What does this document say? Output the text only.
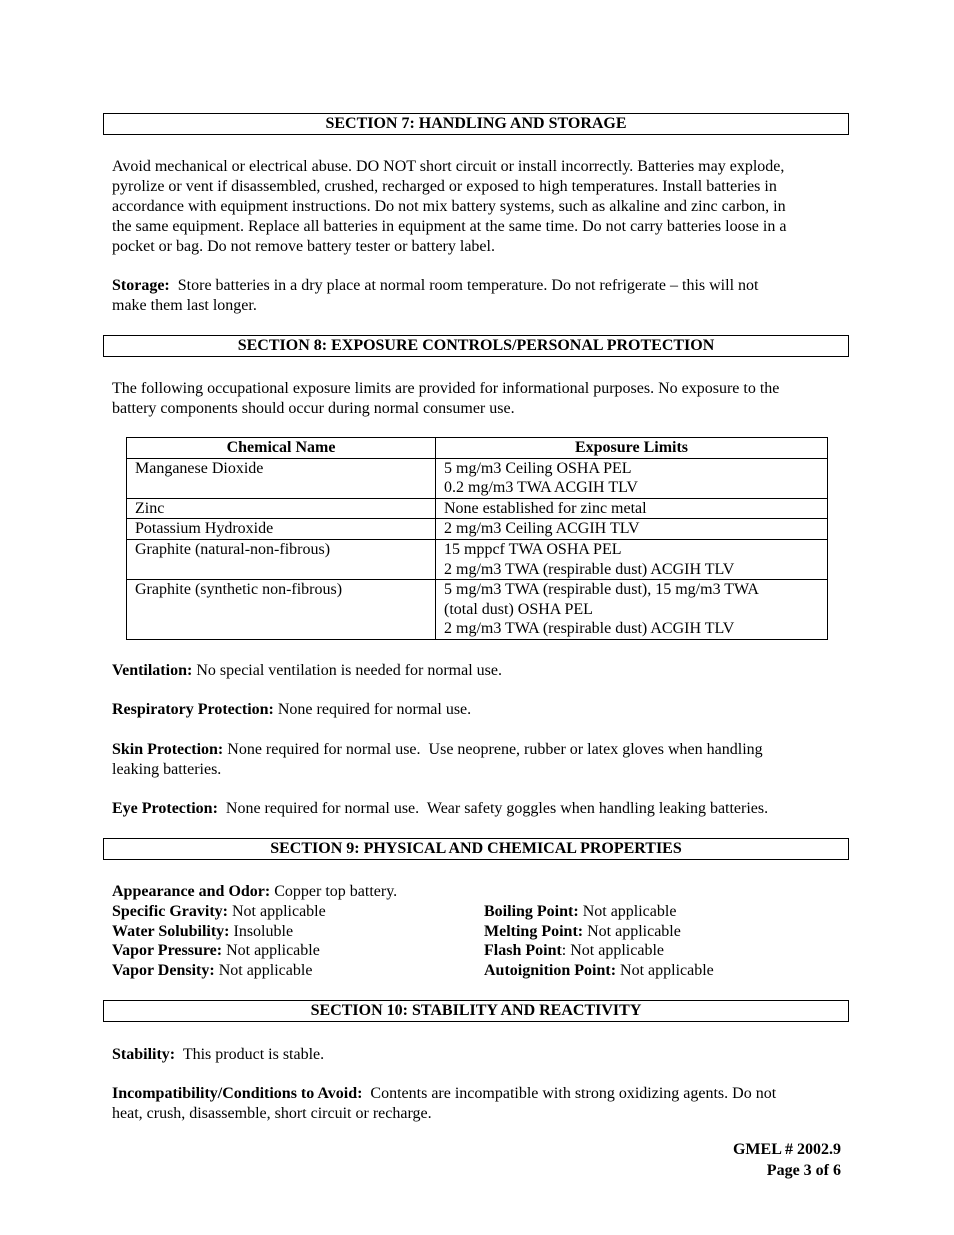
SECTION 7: HANDLING AND STORAGE
Avoid mechanical or electrical abuse. DO NOT short circuit or install incorrectly. Batteries may explode,
pyrolize or vent if disassembled, crushed, recharged or exposed to high temperatures. Install batteries in
accordance with equipment instructions. Do not mix battery systems, such as alkaline and zinc carbon, in
the same equipment. Replace all batteries in equipment at the same time. Do not carry batteries loose in a
pocket or bag. Do not remove battery tester or battery label.
Storage:  Store batteries in a dry place at normal room temperature. Do not refrigerate – this will not
make them last longer.
SECTION 8: EXPOSURE CONTROLS/PERSONAL PROTECTION
The following occupational exposure limits are provided for informational purposes. No exposure to the
battery components should occur during normal consumer use.
Chemical Name	Exposure Limits
Manganese Dioxide	5 mg/m3 Ceiling OSHA PEL
0.2 mg/m3 TWA ACGIH TLV

Zinc	None established for zinc metal

Potassium Hydroxide	2 mg/m3 Ceiling ACGIH TLV

Graphite (natural-non-fibrous)	15 mppcf TWA OSHA PEL
2 mg/m3 TWA (respirable dust) ACGIH TLV

Graphite (synthetic non-fibrous)	5 mg/m3 TWA (respirable dust), 15 mg/m3 TWA
(total dust) OSHA PEL
2 mg/m3 TWA (respirable dust) ACGIH TLV
Ventilation: No special ventilation is needed for normal use.
Respiratory Protection: None required for normal use.
Skin Protection: None required for normal use.  Use neoprene, rubber or latex gloves when handling
leaking batteries.
Eye Protection:  None required for normal use.  Wear safety goggles when handling leaking batteries.
SECTION 9: PHYSICAL AND CHEMICAL PROPERTIES
Appearance and Odor: Copper top battery.
Specific Gravity: Not applicable
Water Solubility: Insoluble
Vapor Pressure: Not applicable
Vapor Density: Not applicable
Boiling Point: Not applicable
Melting Point: Not applicable
Flash Point: Not applicable
Autoignition Point: Not applicable
SECTION 10: STABILITY AND REACTIVITY
Stability:  This product is stable.
Incompatibility/Conditions to Avoid:  Contents are incompatible with strong oxidizing agents. Do not
heat, crush, disassemble, short circuit or recharge.
GMEL # 2002.9
Page 3 of 6
